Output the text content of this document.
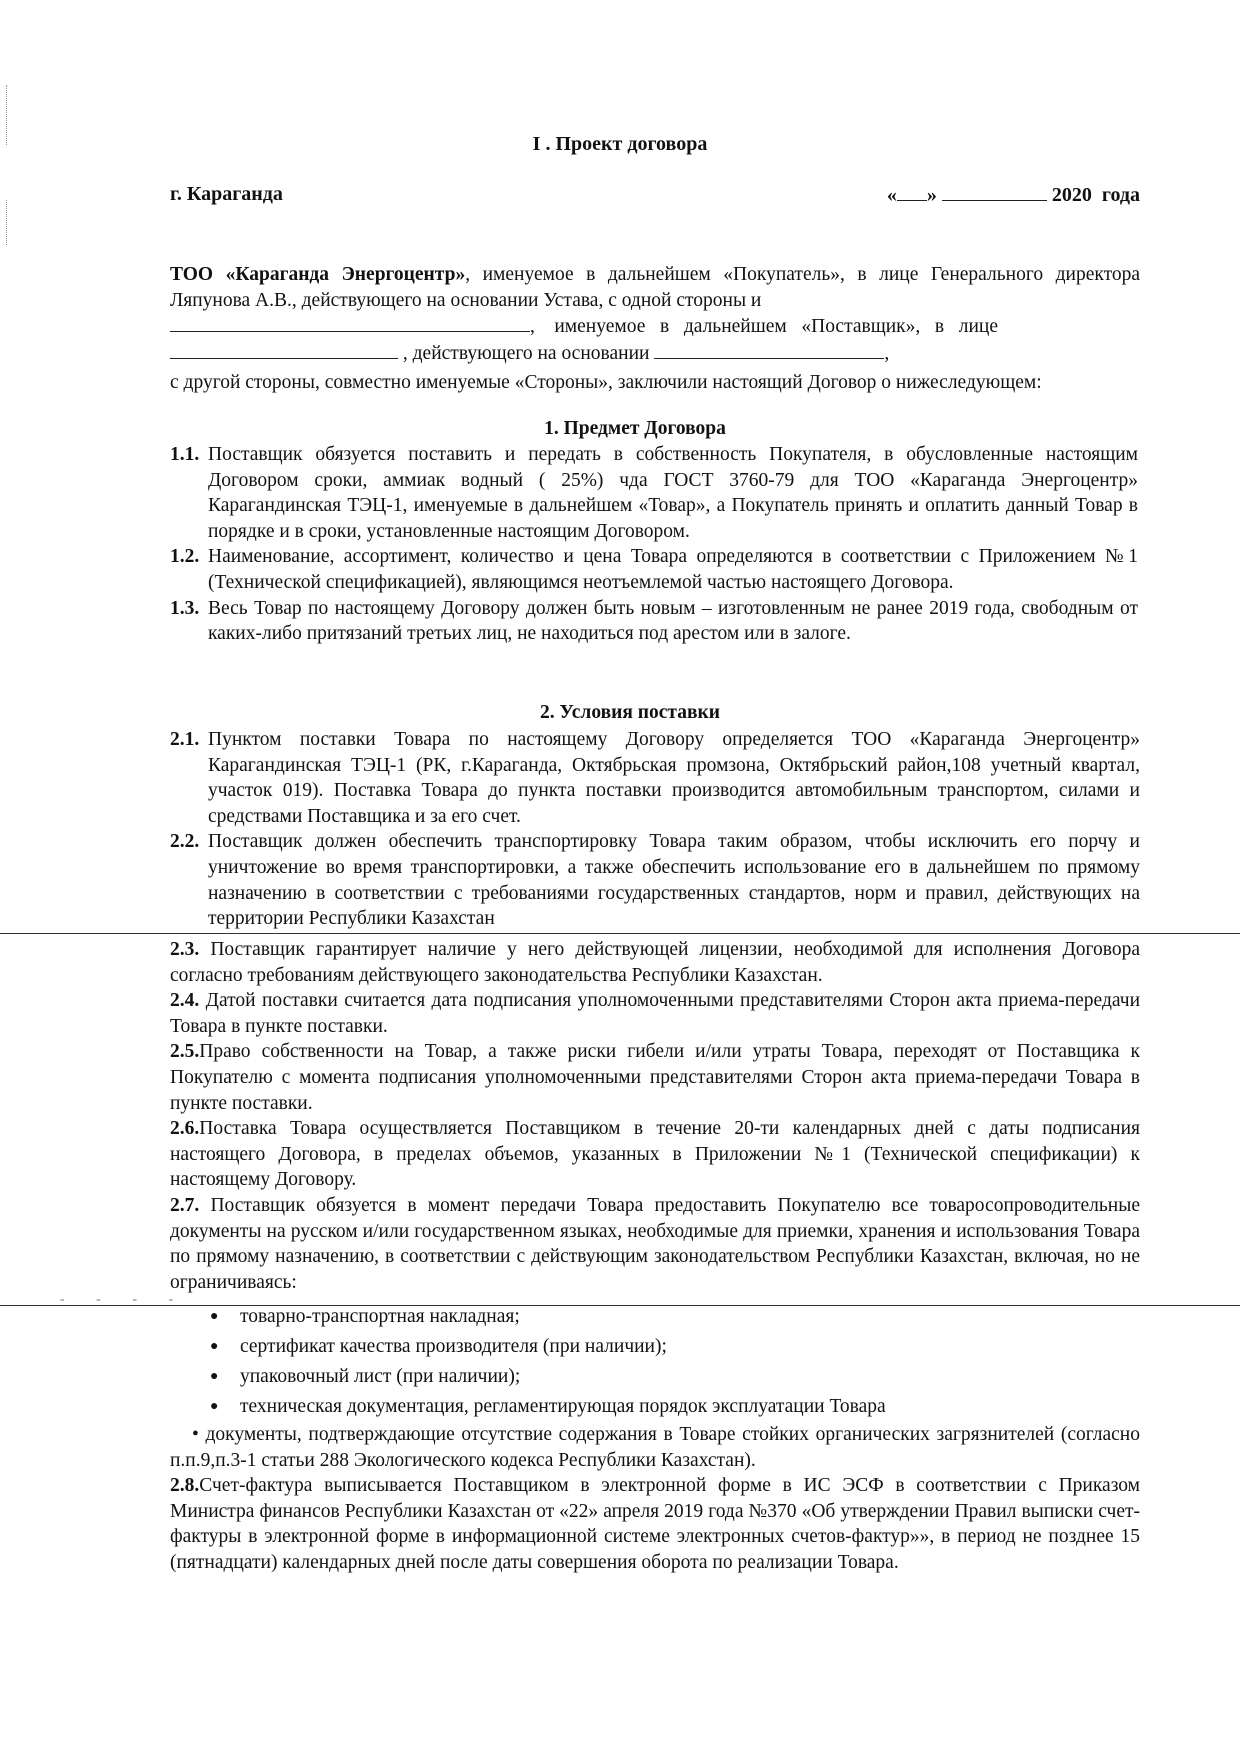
I . Проект договора
г. Караганда	« »	2020  года

ТОО «Караганда Энергоцентр», именуемое в дальнейшем «Покупатель», в лице Генерального директора Ляпунова А.В., действующего на основании Устава, с одной стороны и

,    именуемое   в   дальнейшем   «Поставщик»,   в   лице

, действующего на основании	,

с другой стороны, совместно именуемые «Стороны», заключили настоящий Договор о нижеследующем:

1. Предмет Договора
1.1. Поставщик обязуется поставить и передать в собственность Покупателя, в обусловленные настоящим Договором сроки, аммиак водный ( 25%) чда ГОСТ 3760-79 для ТОО «Караганда Энергоцентр» Карагандинская ТЭЦ-1, именуемые в дальнейшем «Товар», а Покупатель принять и оплатить данный Товар в порядке и в сроки, установленные настоящим Договором.
1.2. Наименование, ассортимент, количество и цена Товара определяются в соответствии с Приложением №1 (Технической спецификацией), являющимся неотъемлемой частью настоящего Договора.
1.3. Весь Товар по настоящему Договору должен быть новым – изготовленным не ранее 2019 года, свободным от каких-либо притязаний третьих лиц, не находиться под арестом или в залоге.
2. Условия поставки
2.1. Пунктом поставки Товара по настоящему Договору определяется ТОО «Караганда Энергоцентр» Карагандинская ТЭЦ-1 (РК, г.Караганда, Октябрьская промзона, Октябрьский район,108 учетный квартал, участок 019). Поставка Товара до пункта поставки производится автомобильным транспортом, силами и средствами Поставщика и за его счет.
2.2. Поставщик должен обеспечить транспортировку Товара таким образом, чтобы исключить его порчу и уничтожение во время транспортировки, а также обеспечить использование его в дальнейшем по прямому назначению в соответствии с требованиями государственных стандартов, норм и правил, действующих на территории Республики Казахстан

2.3. Поставщик гарантирует наличие у него действующей лицензии, необходимой для исполнения Договора согласно требованиям действующего законодательства Республики Казахстан.

2.4. Датой поставки считается дата подписания уполномоченными представителями Сторон акта приема-передачи Товара в пункте поставки.

2.5.Право собственности на Товар, а также риски гибели и/или утраты Товара, переходят от Поставщика к Покупателю с момента подписания уполномоченными представителями Сторон акта приема-передачи Товара в пункте поставки.

2.6.Поставка Товара осуществляется Поставщиком в течение 20-ти календарных дней с даты подписания настоящего Договора, в пределах объемов, указанных в Приложении №1 (Технической спецификации) к настоящему Договору.

2.7. Поставщик обязуется в момент передачи Товара предоставить Покупателю все товаросопроводительные документы на русском и/или государственном языках, необходимые для приемки, хранения и использования Товара по прямому назначению, в соответствии с действующим законодательством Республики Казахстан, включая, но не ограничиваясь:

- - - -
● товарно-транспортная накладная;
● сертификат качества производителя (при наличии);
● упаковочный лист (при наличии);
● техническая документация, регламентирующая порядок эксплуатации Товара

• документы, подтверждающие отсутствие содержания в Товаре стойких органических загрязнителей (согласно п.п.9,п.3-1 статьи 288 Экологического кодекса Республики Казахстан).

2.8.Счет-фактура выписывается Поставщиком в электронной форме в ИС ЭСФ в соответствии с Приказом Министра финансов Республики Казахстан от «22» апреля 2019 года №370 «Об утверждении Правил выписки счет-фактуры в электронной форме в информационной системе электронных счетов-фактур»», в период не позднее 15 (пятнадцати) календарных дней после даты совершения оборота по реализации Товара.
